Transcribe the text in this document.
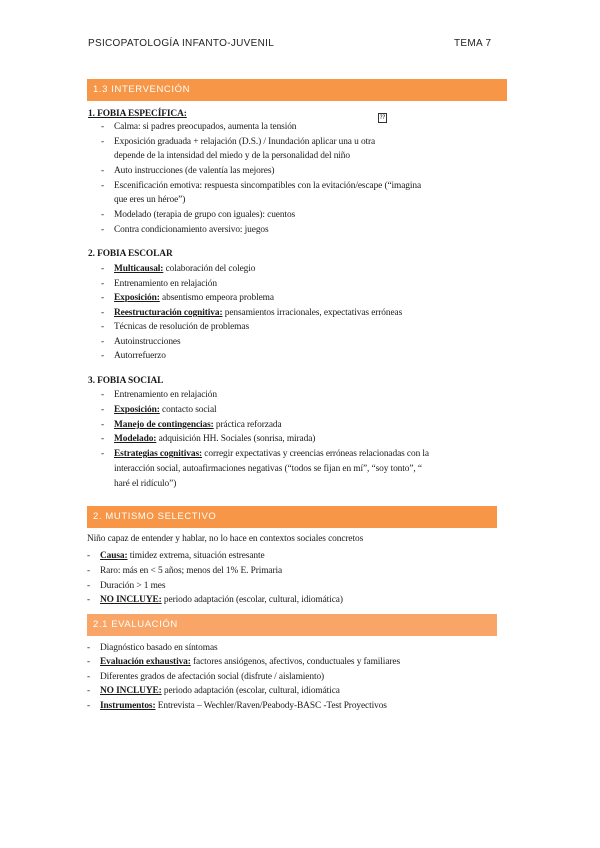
PSICOPATOLOGÍA INFANTO-JUVENIL	TEMA 7
1.3 INTERVENCIÓN
1. FOBIA ESPECÍFICA:	⁇
- Calma: si padres preocupados, aumenta la tensión
- Exposición graduada + relajación (D.S.) / Inundación aplicar una u otra
depende de la intensidad del miedo y de la personalidad del niño
- Auto instrucciones (de valentía las mejores)
- Escenificación emotiva: respuesta sincompatibles con la evitación/escape (“imagina
que eres un héroe”)
- Modelado (terapia de grupo con iguales): cuentos
- Contra condicionamiento aversivo: juegos
2. FOBIA ESCOLAR
- Multicausal: colaboración del colegio
- Entrenamiento en relajación
- Exposición: absentismo empeora problema
- Reestructuración cognitiva: pensamientos irracionales, expectativas erróneas
- Técnicas de resolución de problemas
- Autoinstrucciones
- Autorrefuerzo
3. FOBIA SOCIAL
- Entrenamiento en relajación
- Exposición: contacto social
- Manejo de contingencias: práctica reforzada
- Modelado: adquisición HH. Sociales (sonrisa, mirada)
- Estrategias cognitivas: corregir expectativas y creencias erróneas relacionadas con la
interacción social, autoafirmaciones negativas (“todos se fijan en mí”, “soy tonto”, “
haré el ridículo”)
2. MUTISMO SELECTIVO
Niño capaz de entender y hablar, no lo hace en contextos sociales concretos
- Causa: timidez extrema, situación estresante
- Raro: más en < 5 años; menos del 1% E. Primaria
- Duración > 1 mes
- NO INCLUYE: periodo adaptación (escolar, cultural, idiomática)
2.1 EVALUACIÓN
- Diagnóstico basado en síntomas
- Evaluación exhaustiva: factores ansiógenos, afectivos, conductuales y familiares
- Diferentes grados de afectación social (disfrute / aislamiento)
- NO INCLUYE: periodo adaptación (escolar, cultural, idiomática
- Instrumentos: Entrevista – Wechler/Raven/Peabody-BASC -Test Proyectivos
